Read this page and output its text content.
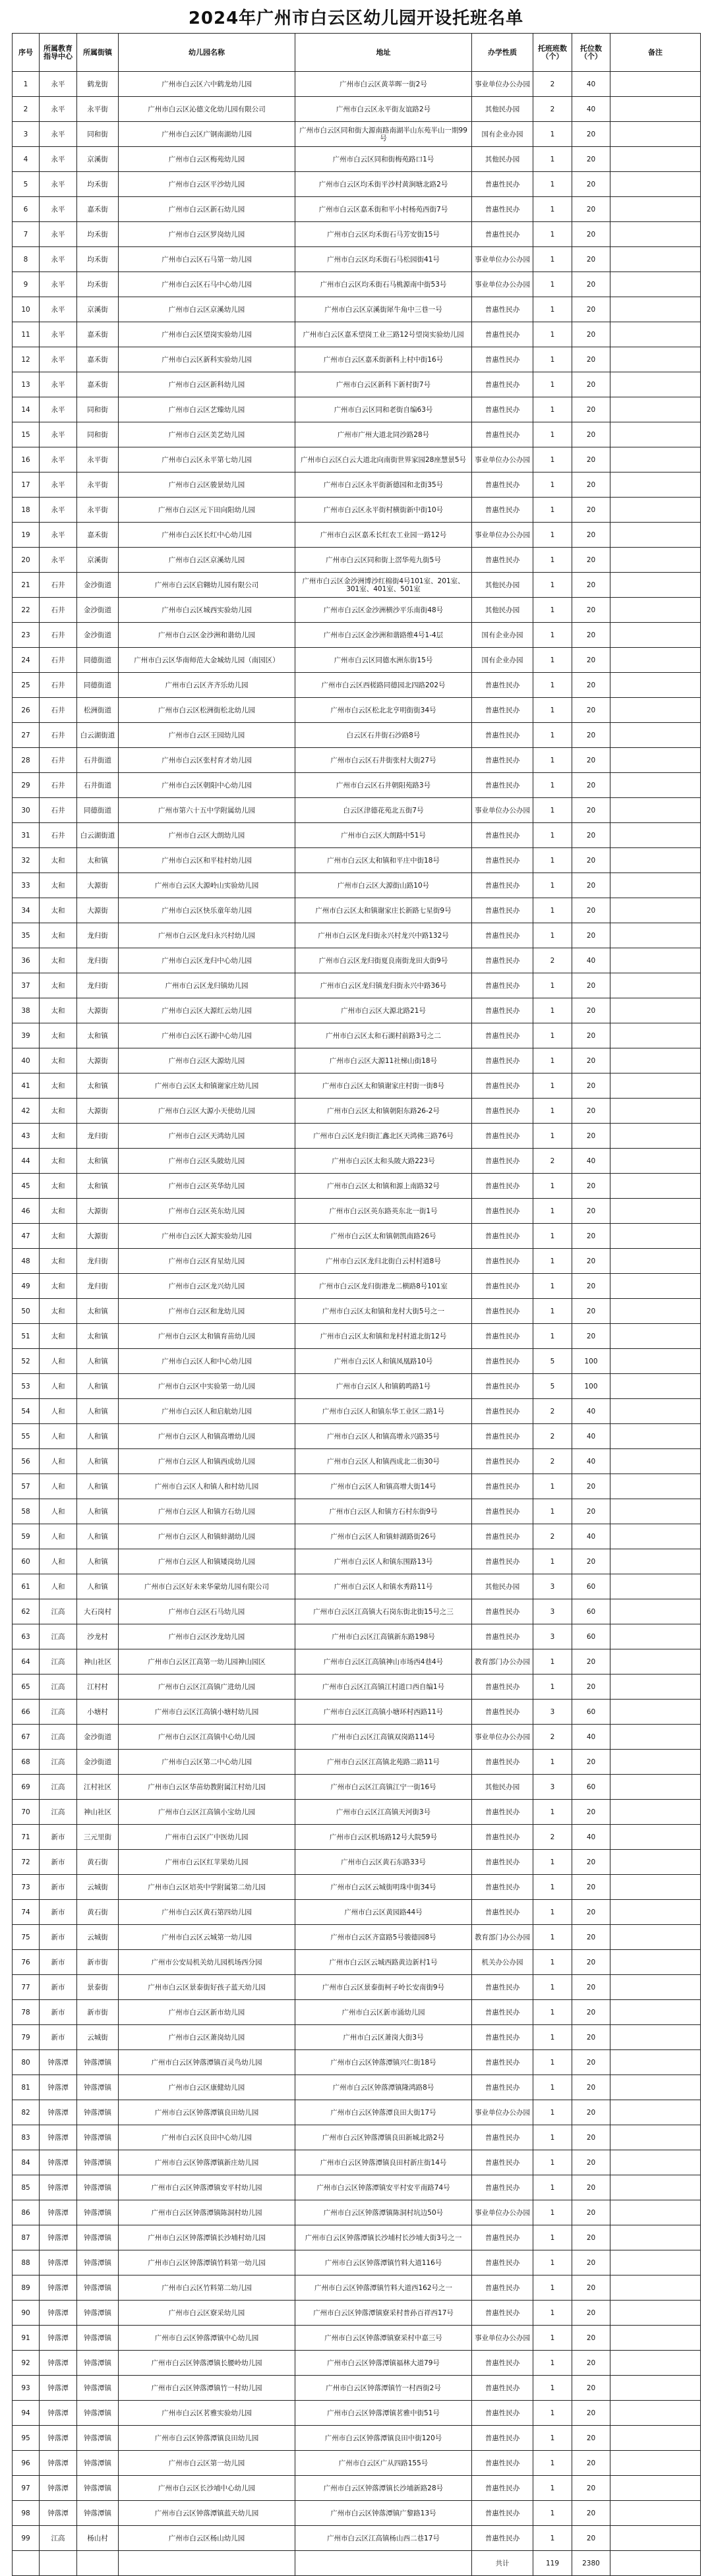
2024年广州市白云区幼儿园开设托班名单
序号	所属教育指导中心	所属街镇	幼儿园名称	地址	办学性质	托班班数（个）	托位数（个）	备注
1	永平	鹤龙街	广州市白云区六中鹤龙幼儿园	广州市白云区黄莘晖一街2号	事业单位办公办园	2	40	
2	永平	永平街	广州市白云区沁德文化幼儿园有限公司	广州市白云区永平街友谊路2号	其他民办园	2	40	
3	永平	同和街	广州市白云区广钢南湖幼儿园	广州市白云区同和街大源南路南湖半山东苑半山一期99号	国有企业办园	1	20	
4	永平	京溪街	广州市白云区梅苑幼儿园	广州市白云区同和街梅苑路口1号	其他民办园	1	20	
5	永平	均禾街	广州市白云区平沙幼儿园	广州市白云区均禾街平沙村黄涧塘北路2号	普惠性民办	1	20	
6	永平	嘉禾街	广州市白云区新石幼儿园	广州市白云区嘉禾街和平小村杨苑西街7号	普惠性民办	1	20	
7	永平	均禾街	广州市白云区罗岗幼儿园	广州市白云区均禾街石马芳安街15号	普惠性民办	1	20	
8	永平	均禾街	广州市白云区石马第一幼儿园	广州市白云区均禾街石马松园街41号	事业单位办公办园	1	20	
9	永平	均禾街	广州市白云区石马中心幼儿园	广州市白云区均禾街石马桃源南中街53号	事业单位办公办园	1	20	
10	永平	京溪街	广州市白云区京溪幼儿园	广州市白云区京溪街犀牛角中三巷一号	普惠性民办	1	20	
11	永平	嘉禾街	广州市白云区望岗实验幼儿园	广州市白云区嘉禾望岗工业三路12号望岗实验幼儿园	普惠性民办	1	20	
12	永平	嘉禾街	广州市白云区新科实验幼儿园	广州市白云区嘉禾街新科上村中街16号	普惠性民办	1	20	
13	永平	嘉禾街	广州市白云区新科幼儿园	广州市白云区新科下新村街7号	普惠性民办	1	20	
14	永平	同和街	广州市白云区艺臻幼儿园	广州市白云区同和老街自编63号	普惠性民办	1	20	
15	永平	同和街	广州市白云区美艺幼儿园	广州市广州大道北同沙路28号	普惠性民办	1	20	
16	永平	永平街	广州市白云区永平第七幼儿园	广州市白云区白云大道北向南街世界家园28座慧景5号	事业单位办公办园	1	20	
17	永平	永平街	广州市白云区骏景幼儿园	广州市白云区永平街新德园和北街35号	普惠性民办	1	20	
18	永平	永平街	广州市白云区元下田向阳幼儿园	广州市白云区永平街村横街新中街10号	普惠性民办	1	20	
19	永平	嘉禾街	广州市白云区长红中心幼儿园	广州市白云区嘉禾长红农工业园一路12号	事业单位办公办园	1	20	
20	永平	京溪街	广州市白云区京溪幼儿园	广州市白云区同和街上滘华苑九街5号	普惠性民办	1	20	
21	石井	金沙街道	广州市白云区启翱幼儿园有限公司	广州市白云区金沙洲博沙红棉街4号101室、201室、301室、401室、501室	其他民办园	1	20	
22	石井	金沙街道	广州市白云区城西实验幼儿园	广州市白云区金沙洲横沙平乐南街48号	其他民办园	1	20	
23	石井	金沙街道	广州市白云区金沙洲和谐幼儿园	广州市白云区金沙洲和谐路维4号1-4层	国有企业办园	1	20	
24	石井	同德街道	广州市白云区华南师范大金城幼儿园（南园区）	广州市白云区同德水洲东街15号	国有企业办园	1	20	
25	石井	同德街道	广州市白云区齐齐乐幼儿园	广州市白云区西槎路同德园北四路202号	普惠性民办	1	20	
26	石井	松洲街道	广州市白云区松洲街松北幼儿园	广州市白云区松北北亨明街街34号	普惠性民办	1	20	
27	石井	白云湖街道	广州市白云区王园幼儿园	白云区石井街石沙路8号	普惠性民办	1	20	
28	石井	石井街道	广州市白云区张村育才幼儿园	广州市白云区石井街张村大街27号	普惠性民办	1	20	
29	石井	石井街道	广州市白云区朝阳中心幼儿园	广州市白云区石井朝阳苑路3号	普惠性民办	1	20	
30	石井	同德街道	广州市第六十五中学附属幼儿园	白云区津德花苑北五街7号	事业单位办公办园	1	20	
31	石井	白云湖街道	广州市白云区大朗幼儿园	广州市白云区大朗路中51号	普惠性民办	1	20	
32	太和	太和镇	广州市白云区和平桂村幼儿园	广州市白云区太和镇和平庄中街18号	普惠性民办	1	20	
33	太和	大源街	广州市白云区大源岭山实验幼儿园	广州市白云区大源街山路10号	普惠性民办	1	20	
34	太和	大源街	广州市白云区快乐童年幼儿园	广州市白云区太和镇谢家庄长新路七星街9号	普惠性民办	1	20	
35	太和	龙归街	广州市白云区龙归永兴村幼儿园	广州市白云区龙归街永兴村龙兴中路132号	普惠性民办	1	20	
36	太和	龙归街	广州市白云区龙归中心幼儿园	广州市白云区龙归街夏良南街龙田大街9号	普惠性民办	2	40	
37	太和	龙归街	广州市白云区龙归镇幼儿园	广州市白云区龙归镇龙归街永兴中路36号	普惠性民办	1	20	
38	太和	大源街	广州市白云区大源红云幼儿园	广州市白云区大源北路21号	普惠性民办	1	20	
39	太和	太和镇	广州市白云区石湖中心幼儿园	广州市白云区太和石湖村前路3号之二	普惠性民办	1	20	
40	太和	大源街	广州市白云区大源幼儿园	广州市白云区大源11社梯山街18号	普惠性民办	1	20	
41	太和	太和镇	广州市白云区太和镇谢家庄幼儿园	广州市白云区太和镇谢家庄村街一街8号	普惠性民办	1	20	
42	太和	大源街	广州市白云区大源小天使幼儿园	广州市白云区太和镇朝阳东路26-2号	普惠性民办	1	20	
43	太和	龙归街	广州市白云区天鸿幼儿园	广州市白云区龙归街汇鑫北区天鸿佛三路76号	普惠性民办	1	20	
44	太和	太和镇	广州市白云区头陂幼儿园	广州市白云区太和头陂大路223号	普惠性民办	2	40	
45	太和	太和镇	广州市白云区英华幼儿园	广州市白云区太和镇和源上南路32号	普惠性民办	1	20	
46	太和	大源街	广州市白云区英东幼儿园	广州市白云区英东路英东北一街1号	普惠性民办	1	20	
47	太和	大源街	广州市白云区大源实验幼儿园	广州市白云区太和镇朝凯南路26号	普惠性民办	1	20	
48	太和	龙归街	广州市白云区育星幼儿园	广州市白云区龙归北街白云村村道8号	普惠性民办	1	20	
49	太和	龙归街	广州市白云区龙兴幼儿园	广州市白云区龙归街港龙二横路8号101室	普惠性民办	1	20	
50	太和	太和镇	广州市白云区和龙幼儿园	广州市白云区太和镇和龙村大街5号之一	普惠性民办	1	20	
51	太和	太和镇	广州市白云区太和镇育苗幼儿园	广州市白云区太和镇和龙村村道北街12号	普惠性民办	1	20	
52	人和	人和镇	广州市白云区人和中心幼儿园	广州市白云区人和镇凤凰路10号	普惠性民办	5	100	
53	人和	人和镇	广州市白云区中实验第一幼儿园	广州市白云区人和镇鹤鸣路1号	普惠性民办	5	100	
54	人和	人和镇	广州市白云区人和启航幼儿园	广州市白云区人和镇东华工业区二路1号	普惠性民办	2	40	
55	人和	人和镇	广州市白云区人和镇高增幼儿园	广州市白云区人和镇高增永兴路35号	普惠性民办	2	40	
56	人和	人和镇	广州市白云区人和镇西成幼儿园	广州市白云区人和镇西成北二街30号	普惠性民办	2	40	
57	人和	人和镇	广州市白云区人和镇人和村幼儿园	广州市白云区人和镇高增大街14号	普惠性民办	1	20	
58	人和	人和镇	广州市白云区人和镇方石幼儿园	广州市白云区人和镇方石村东街9号	普惠性民办	1	20	
59	人和	人和镇	广州市白云区人和镇蚌湖幼儿园	广州市白云区人和镇蚌湖路街26号	普惠性民办	2	40	
60	人和	人和镇	广州市白云区人和镇矮岗幼儿园	广州市白云区人和镇东围路13号	普惠性民办	1	20	
61	人和	人和镇	广州市白云区好未来华蒙幼儿园有限公司	广州市白云区人和镇水秀路11号	其他民办园	3	60	
62	江高	大石岗村	广州市白云区石马幼儿园	广州市白云区江高镇大石岗东街北街15号之三	普惠性民办	3	60	
63	江高	沙龙村	广州市白云区沙龙幼儿园	广州市白云区江高镇新东路198号	普惠性民办	3	60	
64	江高	神山社区	广州市白云区江高第一幼儿园神山园区	广州市白云区江高镇神山市场西4巷4号	教育部门办公办园	1	20	
65	江高	江村村	广州市白云区江高镇广进幼儿园	广州市白云区江高镇江村道口西自编1号	普惠性民办	1	20	
66	江高	小塘村	广州市白云区江高镇小塘村幼儿园	广州市白云区江高镇小塘环村西路11号	普惠性民办	3	60	
67	江高	金沙街道	广州市白云区江高镇中心幼儿园	广州市白云区江高镇双岗路114号	事业单位办公办园	2	40	
68	江高	金沙街道	广州市白云区第二中心幼儿园	广州市白云区江高镇北苑路二路11号	普惠性民办	1	20	
69	江高	江村社区	广州市白云区华苗幼教附属江村幼儿园	广州市白云区江高镇江宁一街16号	其他民办园	3	60	
70	江高	神山社区	广州市白云区江高镇小宝幼儿园	广州市白云区江高镇天河街3号	普惠性民办	1	20	
71	新市	三元里街	广州市白云区广中医幼儿园	广州市白云区机场路12号大院59号	普惠性民办	2	40	
72	新市	黄石街	广州市白云区红苹果幼儿园	广州市白云区黄石东路33号	普惠性民办	1	20	
73	新市	云城街	广州市白云区培英中学附属第二幼儿园	广州市白云区云城街明珠中街34号	普惠性民办	1	20	
74	新市	黄石街	广州市白云区黄石第四幼儿园	广州市白云区黄园路44号	普惠性民办	1	20	
75	新市	云城街	广州市白云区云城第一幼儿园	广州市白云区齐富路5号骏德园8号	教育部门办公办园	1	20	
76	新市	新市街	广州市公安局机关幼儿园机场西分园	广州市白云区云城西路黄边新村1号	机关办公办园	1	20	
77	新市	景泰街	广州市白云区景泰街好孩子蓝天幼儿园	广州市白云区景泰街柯子岭长安南街9号	普惠性民办	1	20	
78	新市	新市街	广州市白云区新市幼儿园	广州市白云区新市涌幼儿园	普惠性民办	1	20	
79	新市	云城街	广州市白云区萧岗幼儿园	广州市白云区萧岗大街3号	普惠性民办	1	20	
80	钟落潭	钟落潭镇	广州市白云区钟落潭镇百灵鸟幼儿园	广州市白云区钟落潭镇兴仁街18号	普惠性民办	1	20	
81	钟落潭	钟落潭镇	广州市白云区康健幼儿园	广州市白云区钟落潭镇隆鸿路8号	普惠性民办	1	20	
82	钟落潭	钟落潭镇	广州市白云区钟落潭镇良田幼儿园	广州市白云区钟落潭良田大街17号	事业单位办公办园	1	20	
83	钟落潭	钟落潭镇	广州市白云区良田中心幼儿园	广州市白云区钟落潭镇良田新城北路2号	普惠性民办	1	20	
84	钟落潭	钟落潭镇	广州市白云区钟落潭镇新庄幼儿园	广州市白云区钟落潭镇良田村新庄街14号	普惠性民办	1	20	
85	钟落潭	钟落潭镇	广州市白云区钟落潭镇安平村幼儿园	广州市白云区钟落潭镇安平村安平南路74号	普惠性民办	1	20	
86	钟落潭	钟落潭镇	广州市白云区钟落潭镇陈洞村幼儿园	广州市白云区钟落潭镇陈洞村坑边50号	事业单位办公办园	1	20	
87	钟落潭	钟落潭镇	广州市白云区钟落潭镇长沙埔村幼儿园	广州市白云区钟落潭镇长沙埔村长沙埔大街3号之一	普惠性民办	1	20	
88	钟落潭	钟落潭镇	广州市白云区钟落潭镇竹料第一幼儿园	广州市白云区钟落潭镇竹料大道116号	普惠性民办	1	20	
89	钟落潭	钟落潭镇	广州市白云区竹料第二幼儿园	广州市白云区钟落潭镇竹料大道西162号之一	普惠性民办	1	20	
90	钟落潭	钟落潭镇	广州市白云区寮采幼儿园	广州市白云区钟落潭镇寮采村普孙百祥西17号	普惠性民办	1	20	
91	钟落潭	钟落潭镇	广州市白云区钟落潭镇中心幼儿园	广州市白云区钟落潭镇寮采村中嘉三号	事业单位办公办园	1	20	
92	钟落潭	钟落潭镇	广州市白云区钟落潭镇长腰岭幼儿园	广州市白云区钟落潭镇福林大道79号	普惠性民办	1	20	
93	钟落潭	钟落潭镇	广州市白云区钟落潭镇竹一村幼儿园	广州市白云区钟落潭镇竹一村西街2号	普惠性民办	1	20	
94	钟落潭	钟落潭镇	广州市白云区茗雅实验幼儿园	广州市白云区钟落潭镇茗雅中街51号	普惠性民办	1	20	
95	钟落潭	钟落潭镇	广州市白云区钟落潭镇良田幼儿园	广州市白云区钟落潭镇良田中街120号	普惠性民办	1	20	
96	钟落潭	钟落潭镇	广州市白云区第一幼儿园	广州市白云区广从四路155号	普惠性民办	1	20	
97	钟落潭	钟落潭镇	广州市白云区长沙埔中心幼儿园	广州市白云区钟落潭镇长沙埔新路28号	普惠性民办	1	20	
98	钟落潭	钟落潭镇	广州市白云区钟落潭镇蓝天幼儿园	广州市白云区钟落潭镇广黎路13号	普惠性民办	1	20	
99	江高	杨山村	广州市白云区杨山幼儿园	广州市白云区江高镇杨山西二巷17号	普惠性民办	1	20	
					共计	119	2380	
